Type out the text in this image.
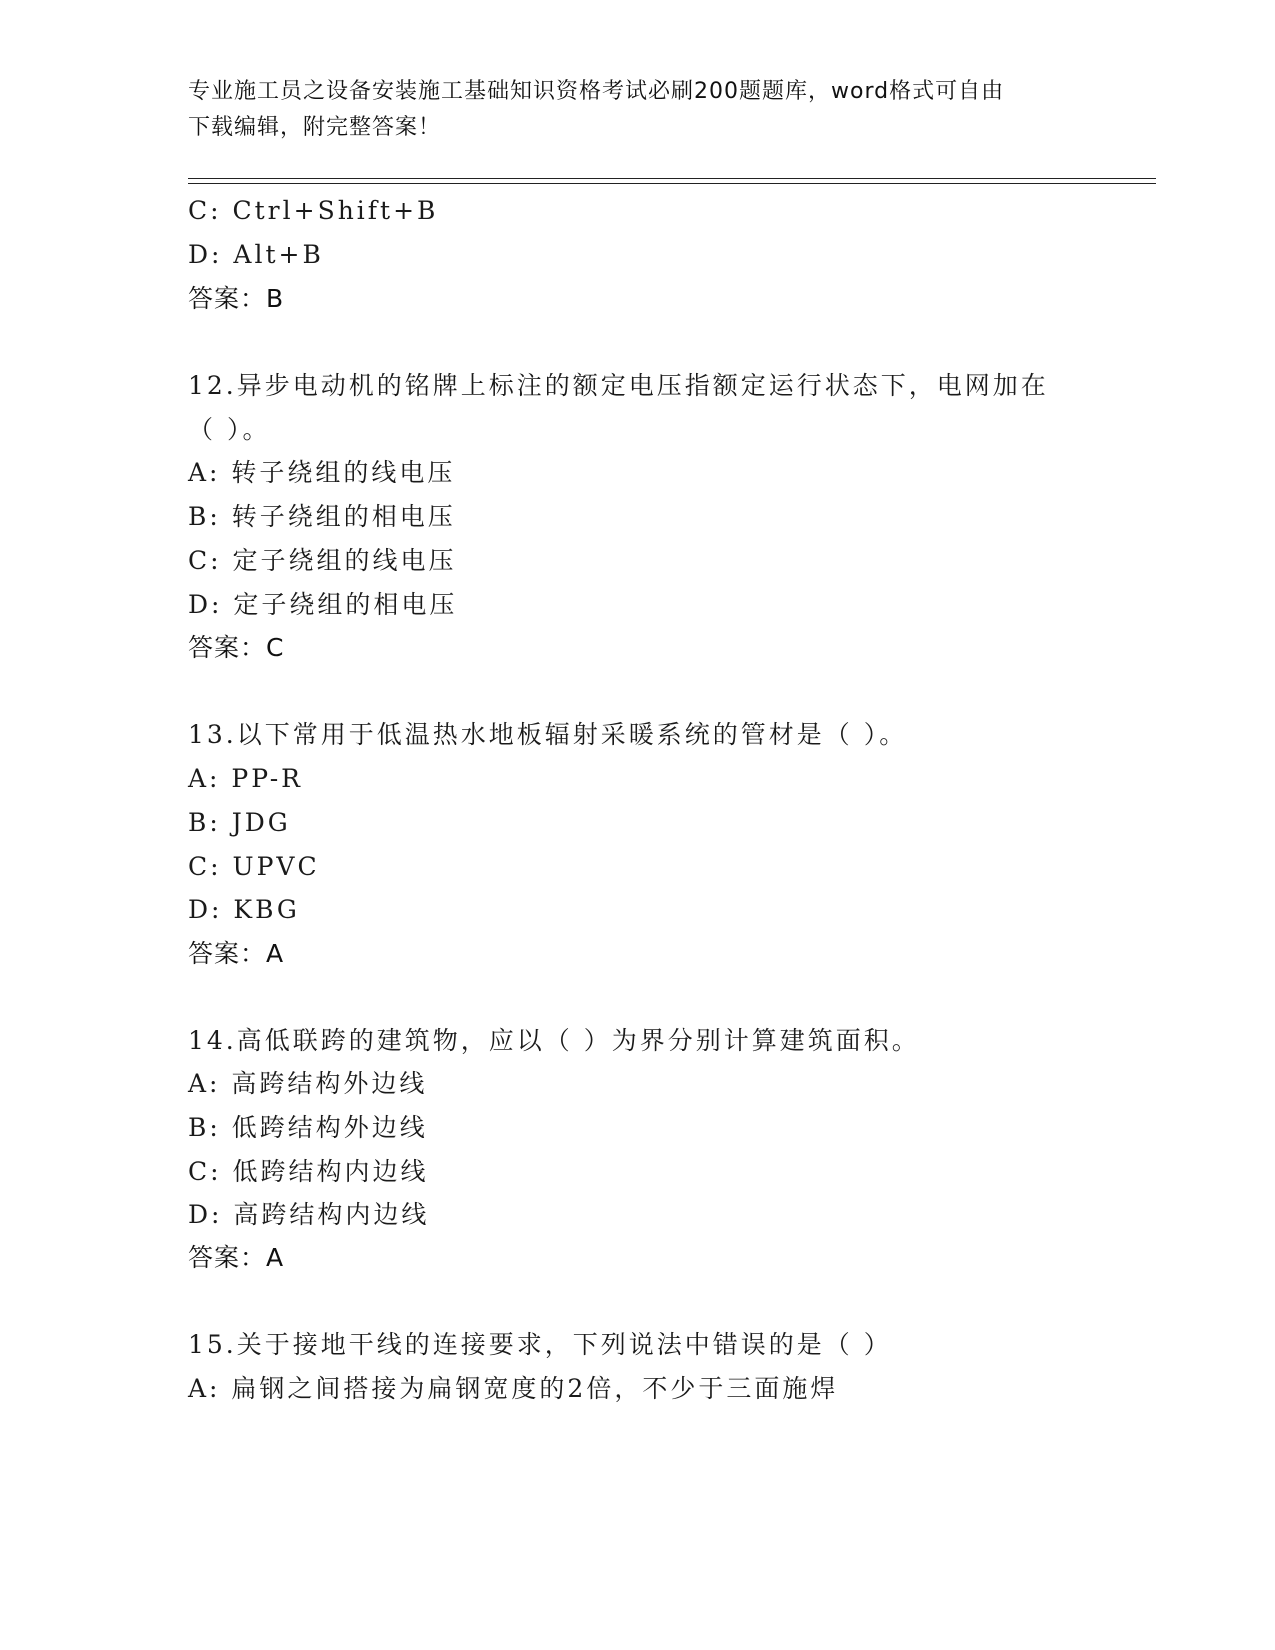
专业施工员之设备安装施工基础知识资格考试必刷200题题库，word格式可自由
下载编辑，附完整答案！
C: Ctrl+Shift+B
D: Alt+B
答案：B
12.异步电动机的铭牌上标注的额定电压指额定运行状态下，电网加在
（ ）。
A: 转子绕组的线电压
B: 转子绕组的相电压
C: 定子绕组的线电压
D: 定子绕组的相电压
答案：C
13.以下常用于低温热水地板辐射采暖系统的管材是（ ）。
A: PP-R
B: JDG
C: UPVC
D: KBG
答案：A
14.高低联跨的建筑物，应以（ ）为界分别计算建筑面积。
A: 高跨结构外边线
B: 低跨结构外边线
C: 低跨结构内边线
D: 高跨结构内边线
答案：A
15.关于接地干线的连接要求，下列说法中错误的是（ ）
A: 扁钢之间搭接为扁钢宽度的2倍，不少于三面施焊
